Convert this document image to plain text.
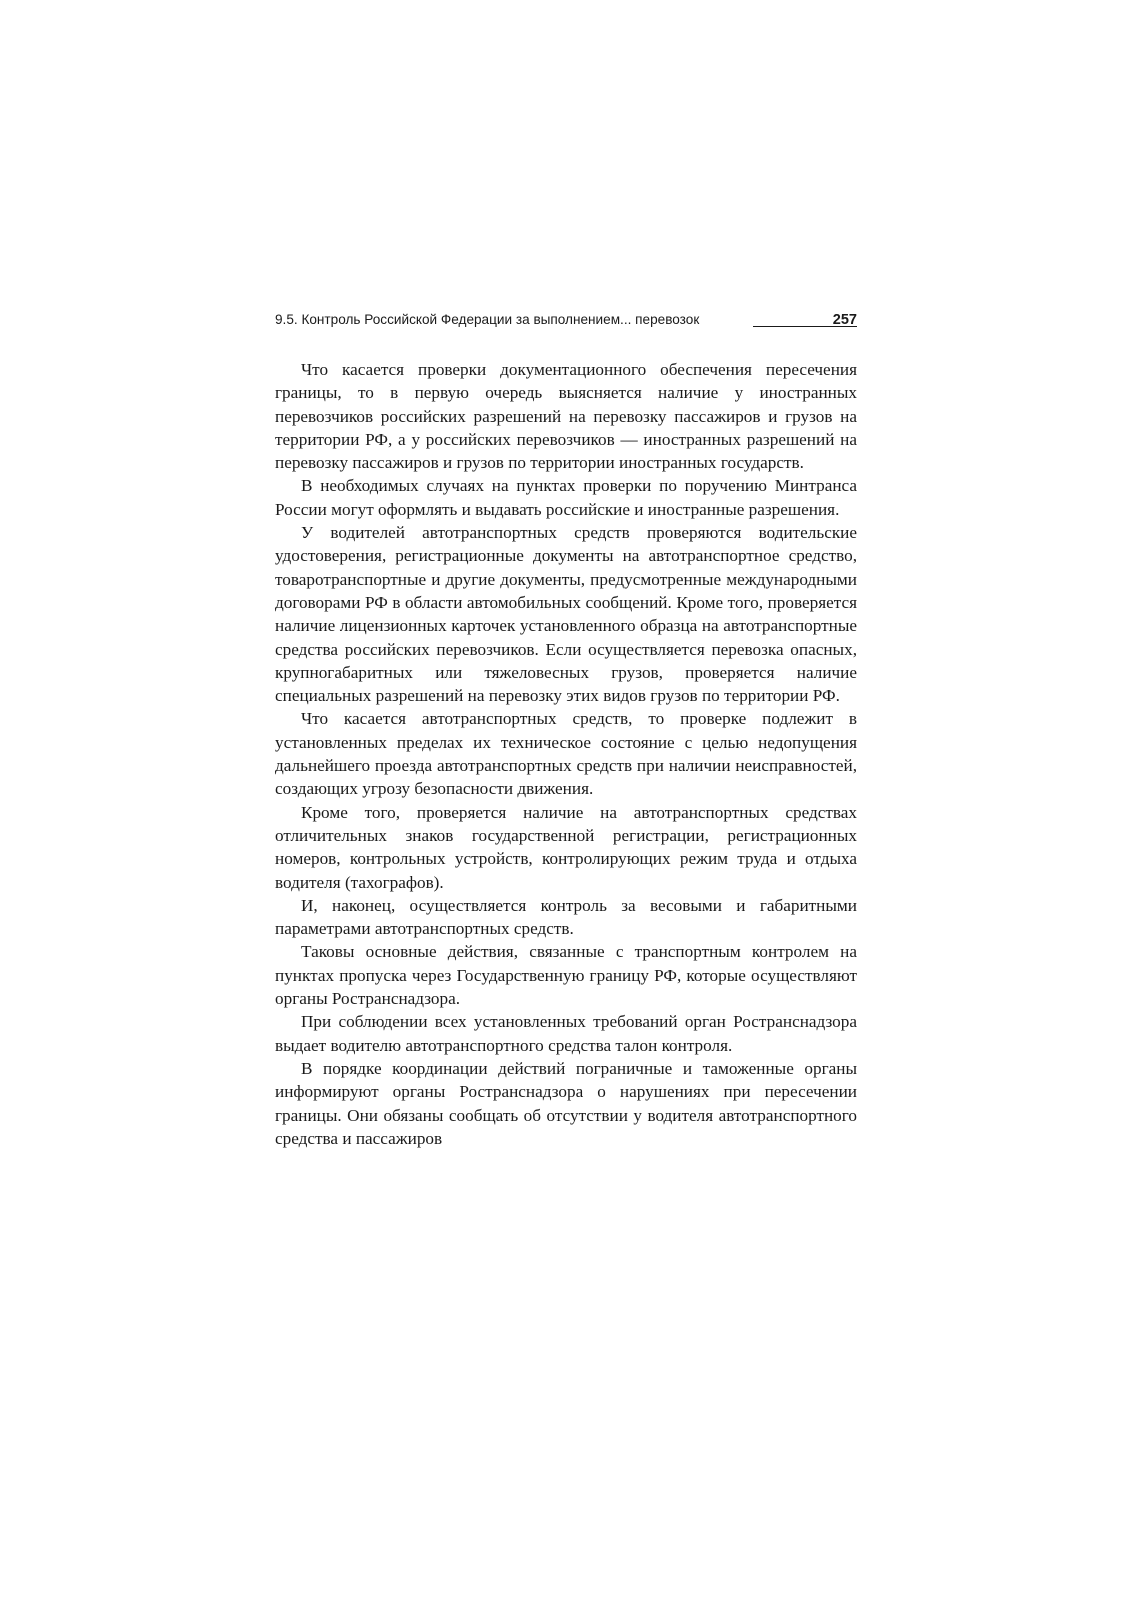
9.5. Контроль Российской Федерации за выполнением... перевозок	257

Что касается проверки документационного обеспечения пересечения границы, то в первую очередь выясняется наличие у иностранных перевозчиков российских разрешений на перевозку пассажиров и грузов на территории РФ, а у российских перевозчиков — иностранных разрешений на перевозку пассажиров и грузов по территории иностранных государств.

В необходимых случаях на пунктах проверки по поручению Минтранса России могут оформлять и выдавать российские и иностранные разрешения.

У водителей автотранспортных средств проверяются водительские удостоверения, регистрационные документы на автотранспортное средство, товаротранспортные и другие документы, предусмотренные международными договорами РФ в области автомобильных сообщений. Кроме того, проверяется наличие лицензионных карточек установленного образца на автотранспортные средства российских перевозчиков. Если осуществляется перевозка опасных, крупногабаритных или тяжеловесных грузов, проверяется наличие специальных разрешений на перевозку этих видов грузов по территории РФ.

Что касается автотранспортных средств, то проверке подлежит в установленных пределах их техническое состояние с целью недопущения дальнейшего проезда автотранспортных средств при наличии неисправностей, создающих угрозу безопасности движения.

Кроме того, проверяется наличие на автотранспортных средствах отличительных знаков государственной регистрации, регистрационных номеров, контрольных устройств, контролирующих режим труда и отдыха водителя (тахографов).

И, наконец, осуществляется контроль за весовыми и габаритными параметрами автотранспортных средств.

Таковы основные действия, связанные с транспортным контролем на пунктах пропуска через Государственную границу РФ, которые осуществляют органы Ространснадзора.

При соблюдении всех установленных требований орган Ространснадзора выдает водителю автотранспортного средства талон контроля.

В порядке координации действий пограничные и таможенные органы информируют органы Ространснадзора о нарушениях при пересечении границы. Они обязаны сообщать об отсутствии у водителя автотранспортного средства и пассажиров
